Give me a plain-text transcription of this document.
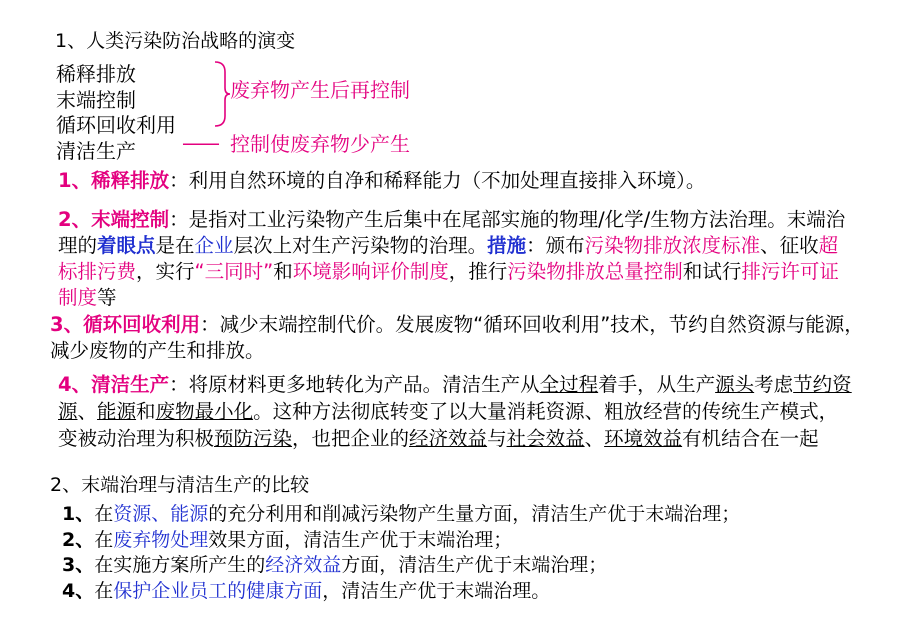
1、人类污染防治战略的演变
稀释排放
末端控制
循环回收利用
清洁生产
废弃物产生后再控制
—— 控制使废弃物少产生
1、稀释排放：利用自然环境的自净和稀释能力（不加处理直接排入环境）。
2、末端控制：是指对工业污染物产生后集中在尾部实施的物理/化学/生物方法治理。末端治
理的着眼点是在企业层次上对生产污染物的治理。措施：颁布污染物排放浓度标准、征收超
标排污费，实行“三同时”和环境影响评价制度，推行污染物排放总量控制和试行排污许可证
制度等
3、循环回收利用：减少末端控制代价。发展废物“循环回收利用”技术，节约自然资源与能源，
减少废物的产生和排放。
4、清洁生产：将原材料更多地转化为产品。清洁生产从全过程着手，从生产源头考虑节约资
源、能源和废物最小化。这种方法彻底转变了以大量消耗资源、粗放经营的传统生产模式，
变被动治理为积极预防污染，也把企业的经济效益与社会效益、环境效益有机结合在一起
2、末端治理与清洁生产的比较
1、在资源、能源的充分利用和削减污染物产生量方面，清洁生产优于末端治理；
2、在废弃物处理效果方面，清洁生产优于末端治理；
3、在实施方案所产生的经济效益方面，清洁生产优于末端治理；
4、在保护企业员工的健康方面，清洁生产优于末端治理。
